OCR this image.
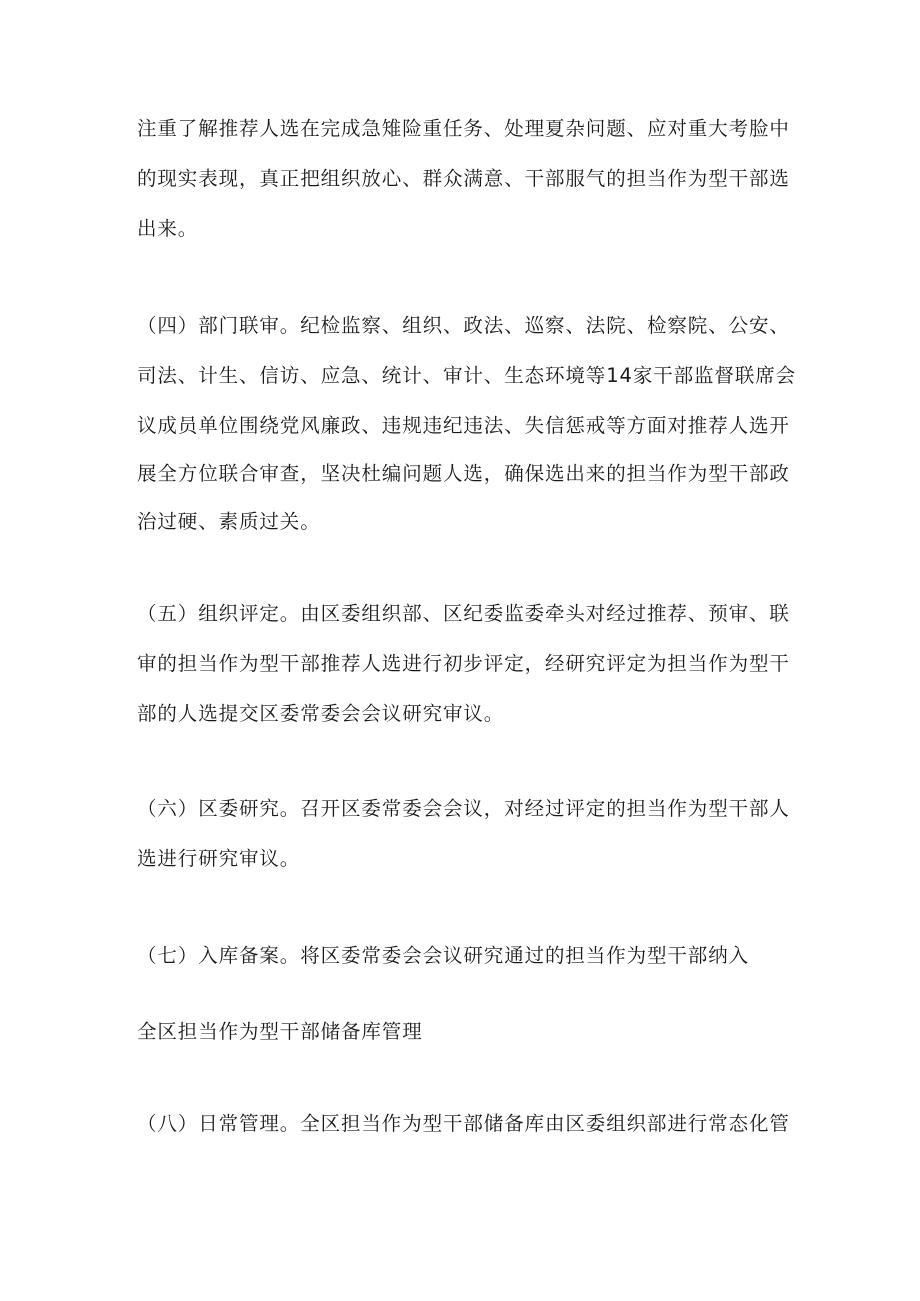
注重了解推荐人选在完成急雉险重任务、处理夏杂问题、应对重大考脸中
的现实表现，真正把组织放心、群众满意、干部服气的担当作为型干部选
出来。
（四）部门联审。纪检监察、组织、政法、巡察、法院、检察院、公安、
司法、计生、信访、应急、统计、审计、生态环境等14家干部监督联席会
议成员单位围绕党风廉政、违规违纪违法、失信惩戒等方面对推荐人选开
展全方位联合审查，坚决杜编问题人选，确保选出来的担当作为型干部政
治过硬、素质过关。
（五）组织评定。由区委组织部、区纪委监委牵头对经过推荐、预审、联
审的担当作为型干部推荐人选进行初步评定，经研究评定为担当作为型干
部的人选提交区委常委会会议研究审议。
（六）区委研究。召开区委常委会会议，对经过评定的担当作为型干部人
选进行研究审议。
（七）入库备案。将区委常委会会议研究通过的担当作为型干部纳入
全区担当作为型干部储备库管理
（八）日常管理。全区担当作为型干部储备库由区委组织部进行常态化管
